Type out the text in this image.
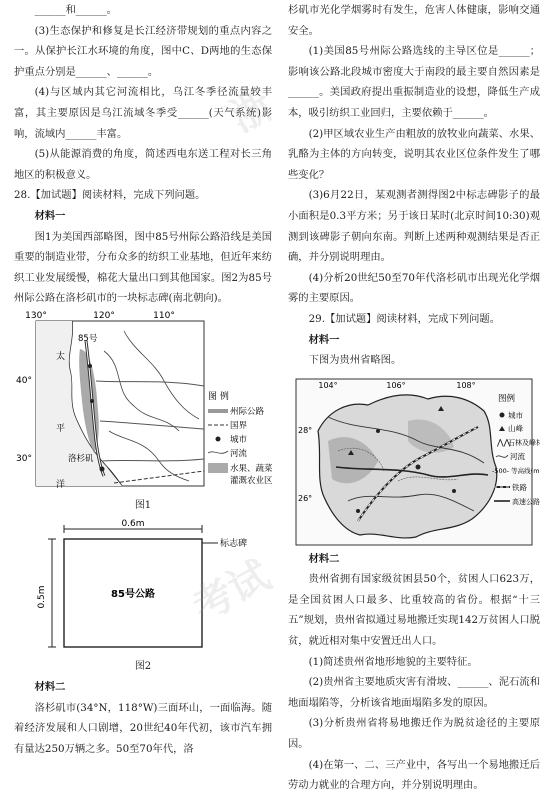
______和______。

(3)生态保护和修复是长江经济带规划的重点内容之一。从保护长江水环境的角度，图中C、D两地的生态保护重点分别是______、______。

(4)与区域内其它河流相比，乌江冬季径流量较丰富，其主要原因是乌江流域冬季受______(天气系统)影响，流域内______丰富。

(5)从能源消费的角度，简述西电东送工程对长三角地区的积极意义。

28.【加试题】阅读材料，完成下列问题。

材料一

图1为美国西部略图，图中85号州际公路沿线是美国重要的制造业带，分布众多的纺织工业基地，但近年来纺织工业发展缓慢，棉花大量出口到其他国家。图2为85号州际公路在洛杉矶市的一块标志碑(南北朝向)。

130°	120°	110°
40°
30°
85号
太
平
洋
洛杉矶
图 例
州际公路
国界
城市
河流
水果、蔬菜
灌溉农业区

图1

0.6m
85号公路
0.5m
标志碑

图2

材料二

洛杉矶市(34°N，118°W)三面环山，一面临海。随着经济发展和人口剧增，20世纪40年代初，该市汽车拥有量达250万辆之多。50至70年代，洛

杉矶市光化学烟雾时有发生，危害人体健康，影响交通安全。

(1)美国85号州际公路选线的主导区位是______；影响该公路北段城市密度大于南段的最主要自然因素是______。美国政府提出重振制造业的设想，降低生产成本，吸引纺织工业回归，主要依赖于______。

(2)甲区域农业生产由粗放的放牧业向蔬菜、水果、乳酪为主体的方向转变，说明其农业区位条件发生了哪些变化？

(3)6月22日，某观测者测得图2中标志碑影子的最小面积是0.3平方米；另于该日某时(北京时间10:30)观测到该碑影子朝向东南。判断上述两种观测结果是否正确，并分别说明理由。

(4)分析20世纪50至70年代洛杉矶市出现光化学烟雾的主要原因。

29.【加试题】阅读材料，完成下列问题。

材料一

下图为贵州省略图。

104°	106°	108°
28°
26°
图例
城市
山峰
⋀⋀
石林及峰林
河流
-500- 等高线(m)
铁路
高速公路

材料二

贵州省拥有国家级贫困县50个，贫困人口623万，是全国贫困人口最多、比重较高的省份。根据“十三五”规划，贵州省拟通过易地搬迁实现142万贫困人口脱贫，就近相对集中安置迁出人口。

(1)简述贵州省地形地貌的主要特征。

(2)贵州省主要地质灾害有滑坡、______、泥石流和地面塌陷等，分析该省地面塌陷多发的原因。

(3)分析贵州省将易地搬迁作为脱贫途径的主要原因。

(4)在第一、二、三产业中，各写出一个易地搬迁后劳动力就业的合理方向，并分别说明理由。

浙
考试
